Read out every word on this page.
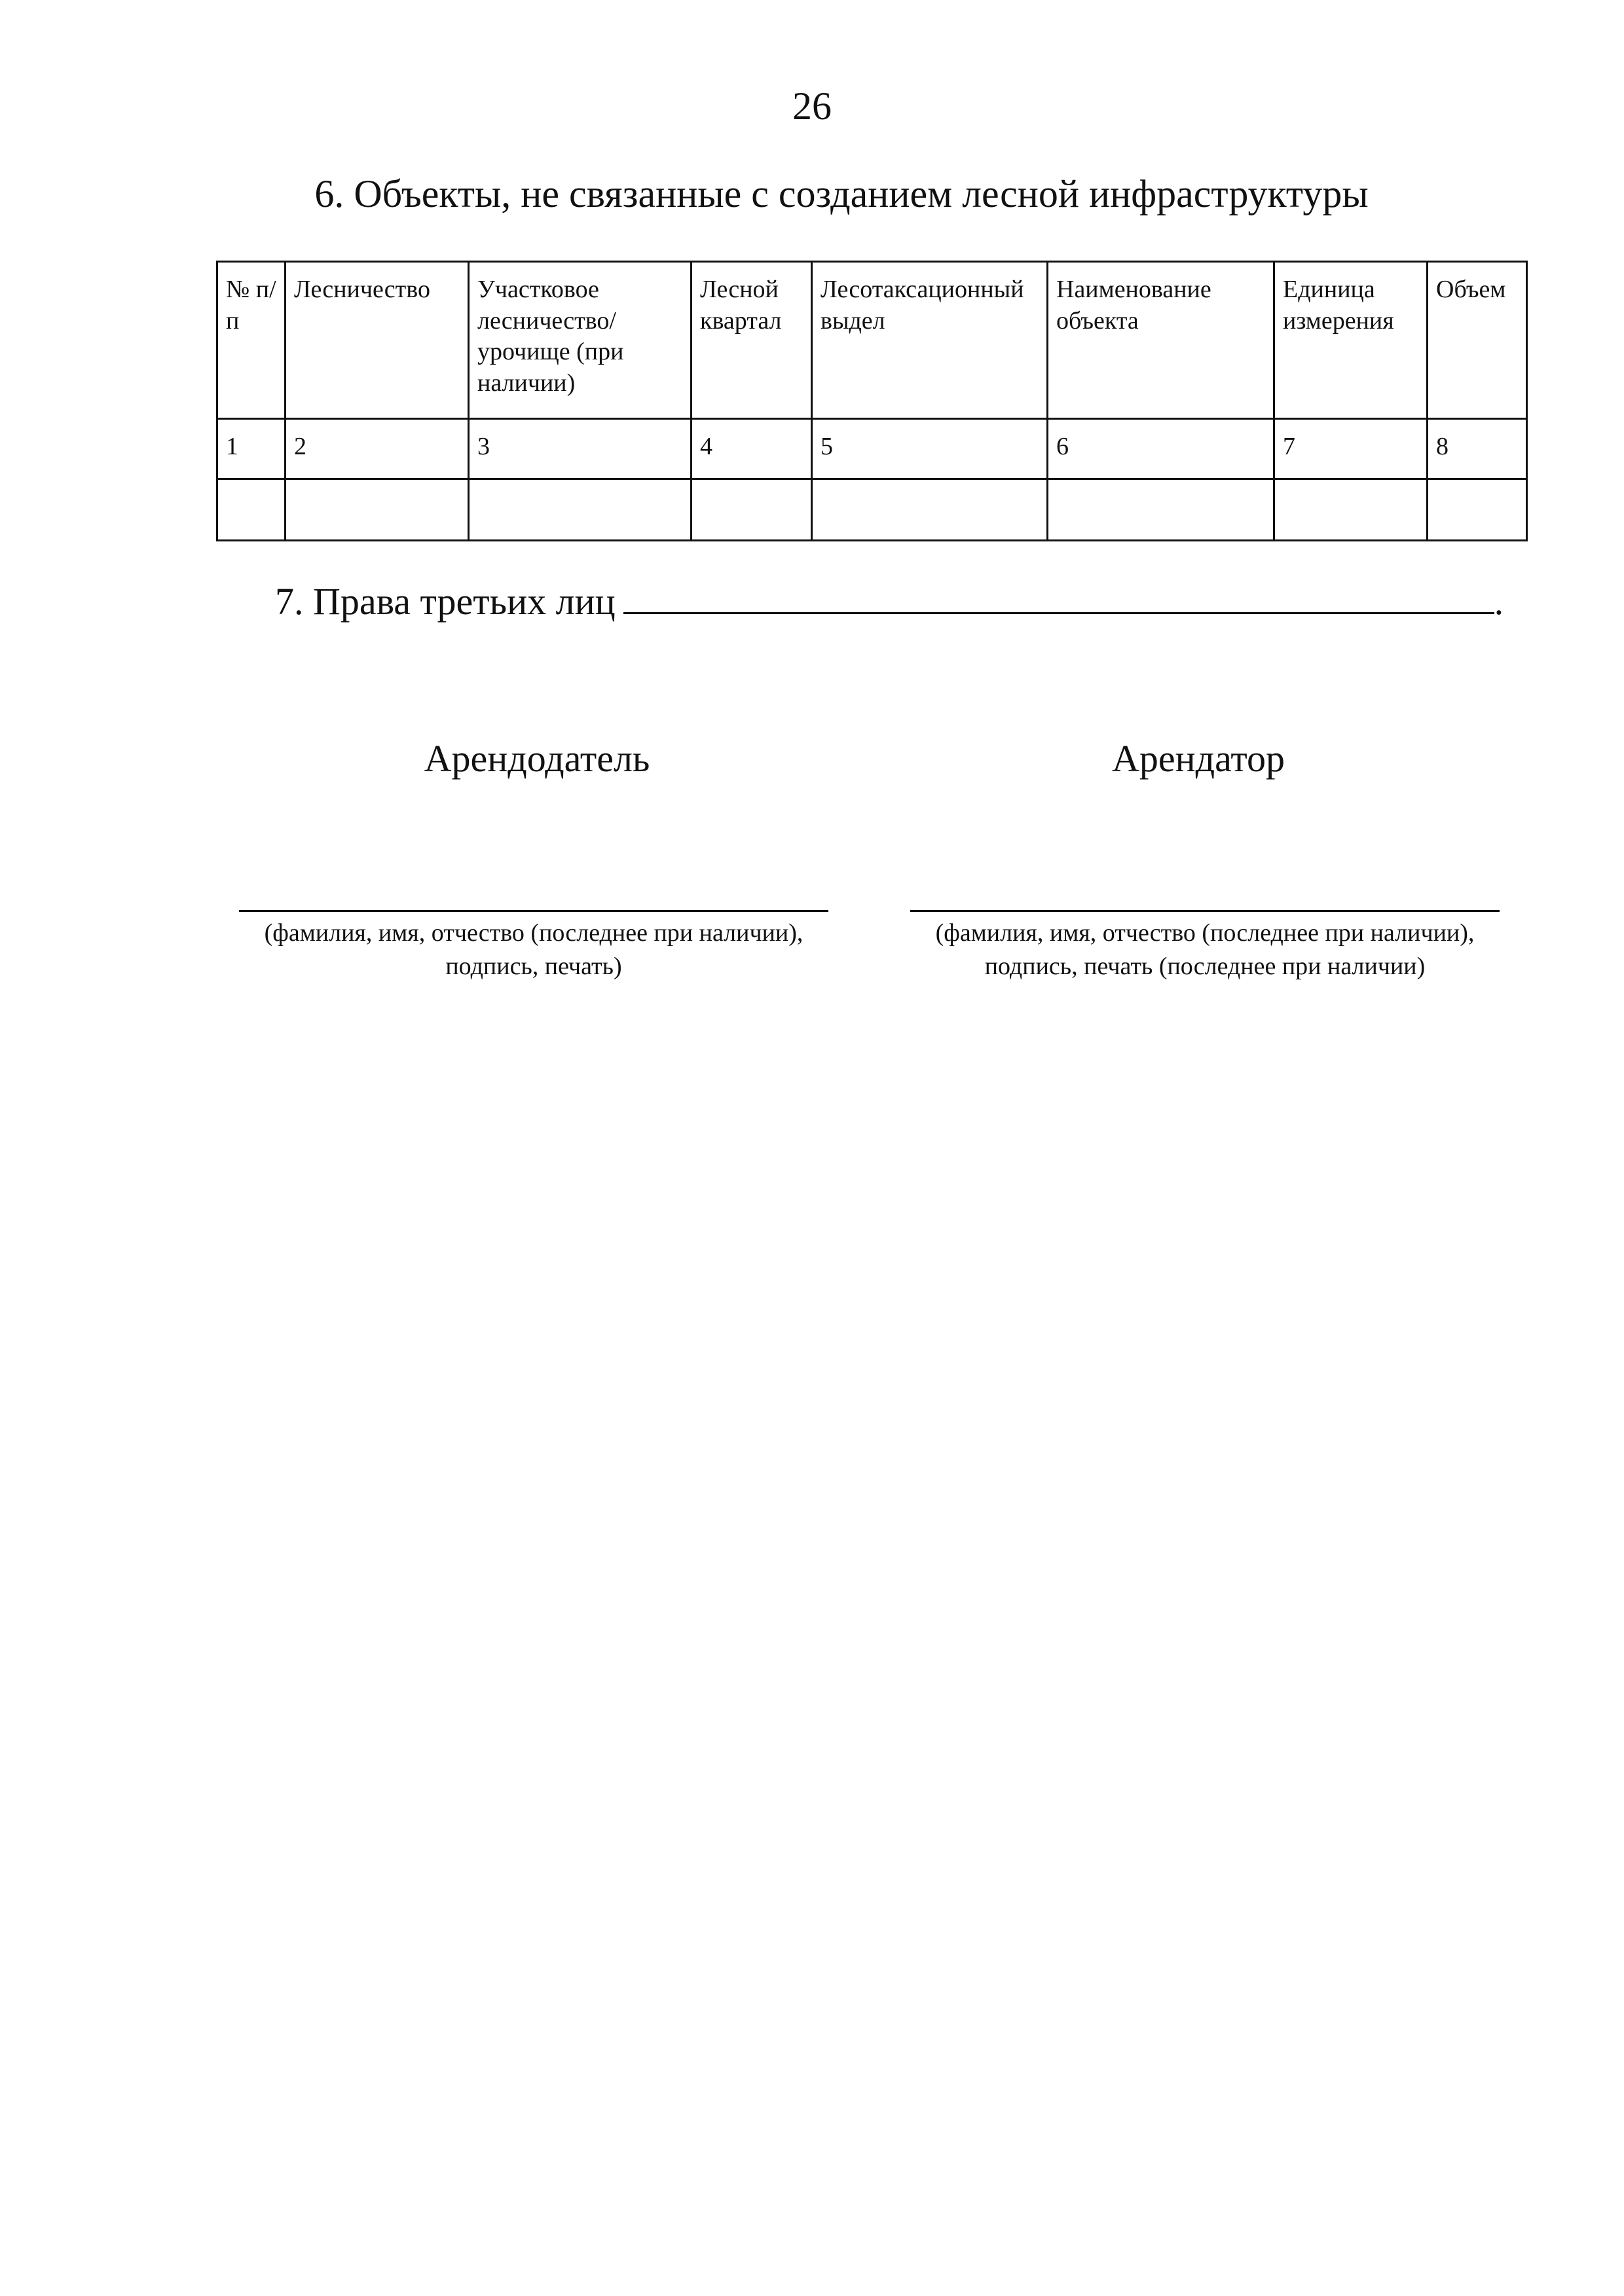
26
6. Объекты, не связанные с созданием лесной инфраструктуры
№ п/п	Лесничество	Участковое лесничество/ урочище (при наличии)	Лесной квартал	Лесотаксационный выдел	Наименование объекта	Единица измерения	Объем
1	2	3	4	5	6	7	8

7. Права третьих лиц	.
Арендодатель	Арендатор
(фамилия, имя, отчество (последнее при наличии),
подпись, печать)
(фамилия, имя, отчество (последнее при наличии),
подпись, печать (последнее при наличии)
